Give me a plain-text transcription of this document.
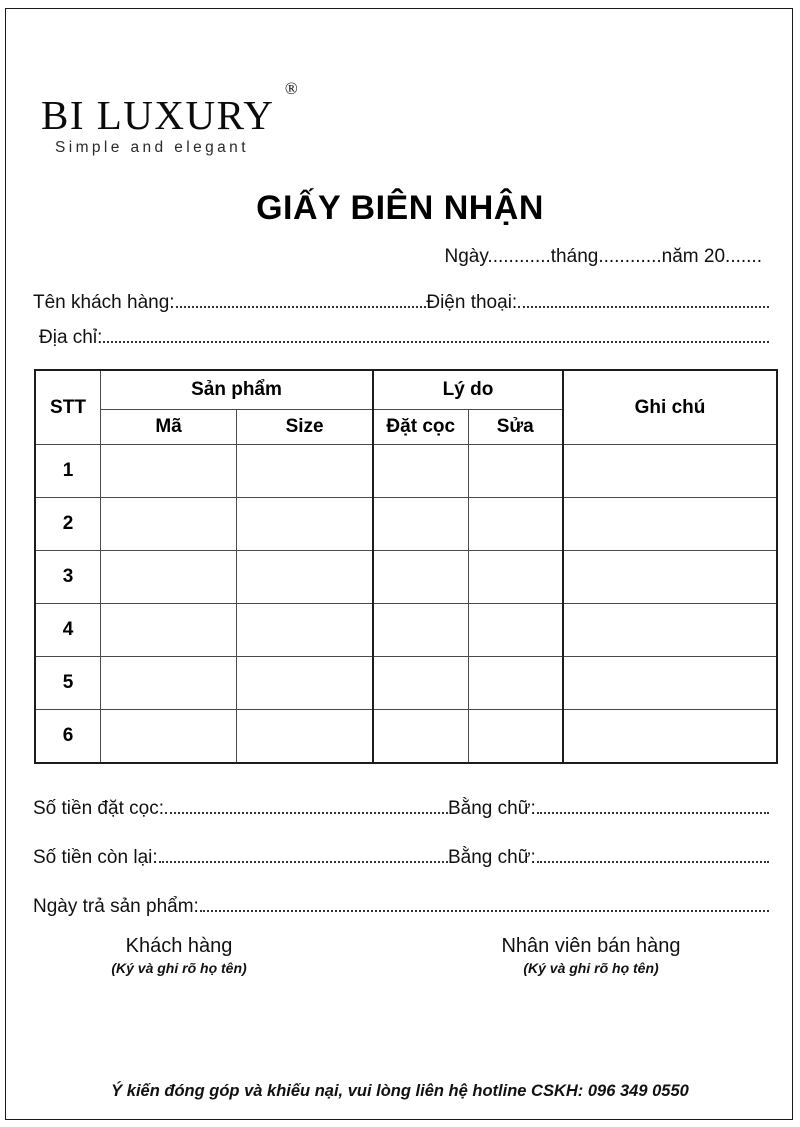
BI LUXURY
®
Simple and elegant
GIẤY BIÊN NHẬN
Ngày............tháng............năm 20.......
Tên khách hàng:	Điện thoại:
Địa chỉ:
STT	Sản phẩm		Lý do		Ghi chú
	Mã	Size	Đặt cọc	Sửa	
1					
2					
3					
4					
5					
6					
Số tiền đặt cọc:	Bằng chữ:
Số tiền còn lại:	Bằng chữ:
Ngày trả sản phẩm:
Khách hàng
(Ký và ghi rõ họ tên)
Nhân viên bán hàng
(Ký và ghi rõ họ tên)
Ý kiến đóng góp và khiếu nại, vui lòng liên hệ hotline CSKH: 096 349 0550
